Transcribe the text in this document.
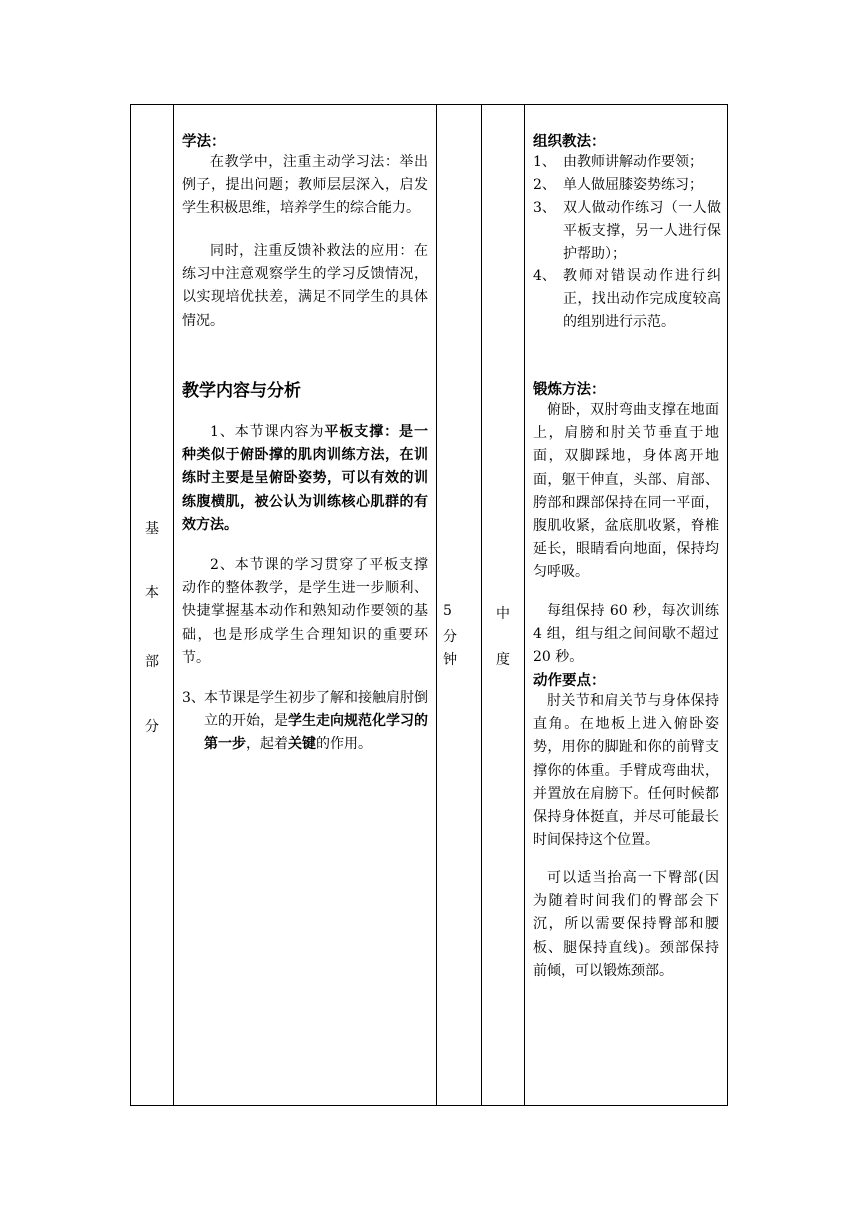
基
本
部
分
学法：
在教学中，注重主动学习法：举出例子，提出问题；教师层层深入，启发学生积极思维，培养学生的综合能力。
同时，注重反馈补救法的应用：在练习中注意观察学生的学习反馈情况，以实现培优扶差，满足不同学生的具体情况。
教学内容与分析
1、本节课内容为平板支撑：是一种类似于俯卧撑的肌肉训练方法，在训练时主要是呈俯卧姿势，可以有效的训练腹横肌，被公认为训练核心肌群的有效方法。
2、本节课的学习贯穿了平板支撑动作的整体教学，是学生进一步顺利、快捷掌握基本动作和熟知动作要领的基础，也是形成学生合理知识的重要环节。
3、 本节课是学生初步了解和接触肩肘倒立的开始，是学生走向规范化学习的第一步，起着关键的作用。
5
分
钟
中
度
组织教法：
1、 由教师讲解动作要领；
2、 单人做屈膝姿势练习；
3、 双人做动作练习（一人做平板支撑，另一人进行保护帮助）；
4、 教师对错误动作进行纠正，找出动作完成度较高的组别进行示范。
锻炼方法：
俯卧，双肘弯曲支撑在地面上，肩膀和肘关节垂直于地面，双脚踩地，身体离开地面，躯干伸直，头部、肩部、胯部和踝部保持在同一平面，腹肌收紧，盆底肌收紧，脊椎延长，眼睛看向地面，保持均匀呼吸。
每组保持 60 秒，每次训练 4 组，组与组之间间歇不超过 20 秒。
动作要点：
肘关节和肩关节与身体保持直角。在地板上进入俯卧姿势，用你的脚趾和你的前臂支撑你的体重。手臂成弯曲状，并置放在肩膀下。任何时候都保持身体挺直，并尽可能最长时间保持这个位置。
可以适当抬高一下臀部(因为随着时间我们的臀部会下沉，所以需要保持臀部和腰板、腿保持直线)。颈部保持前倾，可以锻炼颈部。
